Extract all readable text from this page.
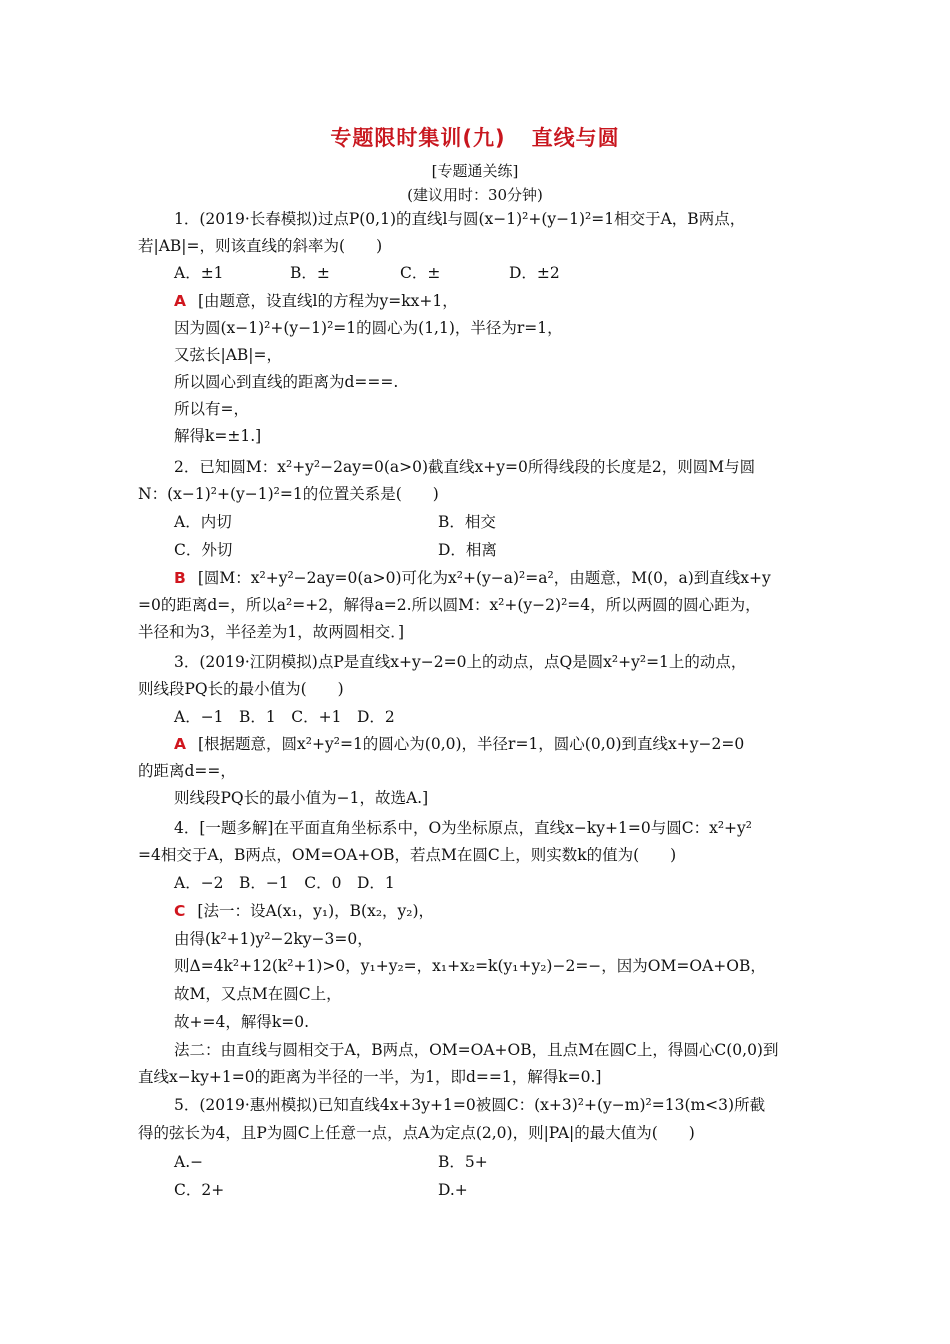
专题限时集训(九) 直线与圆
[专题通关练]
(建议用时：30分钟)
1．(2019·长春模拟)过点P(0,1)的直线l与圆(x−1)²+(y−1)²=1相交于A，B两点，
若|AB|=，则该直线的斜率为(　　)
A．±1	B．±	C．±	D．±2
A [由题意，设直线l的方程为y=kx+1，
因为圆(x−1)²+(y−1)²=1的圆心为(1,1)，半径为r=1，
又弦长|AB|=，
所以圆心到直线的距离为d===.
所以有=，
解得k=±1.]
2．已知圆M：x²+y²−2ay=0(a>0)截直线x+y=0所得线段的长度是2，则圆M与圆
N：(x−1)²+(y−1)²=1的位置关系是(　　)
A．内切	B．相交
C．外切	D．相离
B [圆M：x²+y²−2ay=0(a>0)可化为x²+(y−a)²=a²，由题意，M(0，a)到直线x+y
=0的距离d=，所以a²=+2，解得a=2.所以圆M：x²+(y−2)²=4，所以两圆的圆心距为，
半径和为3，半径差为1，故两圆相交．]
3．(2019·江阴模拟)点P是直线x+y−2=0上的动点，点Q是圆x²+y²=1上的动点，
则线段PQ长的最小值为(　　)
A．−1　B．1　C．+1　D．2
A [根据题意，圆x²+y²=1的圆心为(0,0)，半径r=1，圆心(0,0)到直线x+y−2=0
的距离d==，
则线段PQ长的最小值为−1，故选A.]
4．[一题多解]在平面直角坐标系中，O为坐标原点，直线x−ky+1=0与圆C：x²+y²
=4相交于A，B两点，OM=OA+OB，若点M在圆C上，则实数k的值为(　　)
A．−2　B．−1　C．0　D．1
C [法一：设A(x₁，y₁)，B(x₂，y₂)，
由得(k²+1)y²−2ky−3=0，
则Δ=4k²+12(k²+1)>0，y₁+y₂=，x₁+x₂=k(y₁+y₂)−2=−，因为OM=OA+OB，
故M，又点M在圆C上，
故+=4，解得k=0.
法二：由直线与圆相交于A，B两点，OM=OA+OB，且点M在圆C上，得圆心C(0,0)到
直线x−ky+1=0的距离为半径的一半，为1，即d==1，解得k=0.]
5．(2019·惠州模拟)已知直线4x+3y+1=0被圆C：(x+3)²+(y−m)²=13(m<3)所截
得的弦长为4，且P为圆C上任意一点，点A为定点(2,0)，则|PA|的最大值为(　　)
A.−	B．5+
C．2+	D.+
